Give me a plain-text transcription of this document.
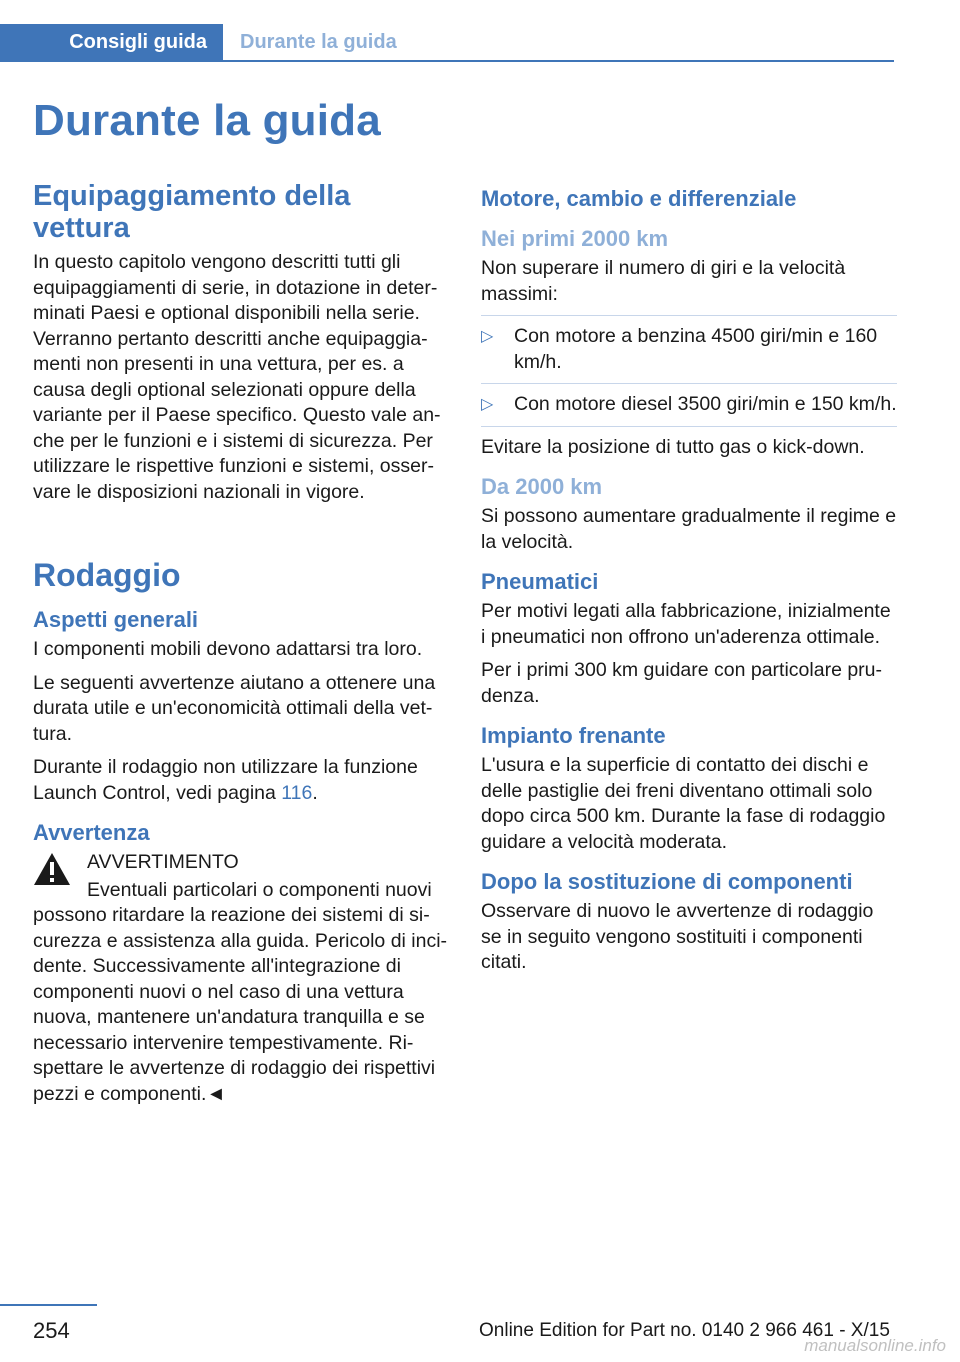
Consigli guida	Durante la guida
Durante la guida
Equipaggiamento della vettura

In questo capitolo vengono descritti tutti gli equipaggiamenti di serie, in dotazione in deter-minati Paesi e optional disponibili nella serie. Verranno pertanto descritti anche equipaggia-menti non presenti in una vettura, per es. a causa degli optional selezionati oppure della variante per il Paese specifico. Questo vale an-che per le funzioni e i sistemi di sicurezza. Per utilizzare le rispettive funzioni e sistemi, osser-vare le disposizioni nazionali in vigore.

Rodaggio
Aspetti generali

I componenti mobili devono adattarsi tra loro.

Le seguenti avvertenze aiutano a ottenere una durata utile e un'economicità ottimali della vet-tura.

Durante il rodaggio non utilizzare la funzione Launch Control, vedi pagina 116.

Avvertenza

AVVERTIMENTO

Eventuali particolari o componenti nuovi

possono ritardare la reazione dei sistemi di si-curezza e assistenza alla guida. Pericolo di inci-dente. Successivamente all'integrazione di componenti nuovi o nel caso di una vettura nuova, mantenere un'andatura tranquilla e se necessario intervenire tempestivamente. Ri-spettare le avvertenze di rodaggio dei rispettivi pezzi e componenti.◄

Motore, cambio e differenziale
Nei primi 2000 km

Non superare il numero di giri e la velocità massimi:

▷ Con motore a benzina 4500 giri/min e 160 km/h.
▷ Con motore diesel 3500 giri/min e 150 km/h.

Evitare la posizione di tutto gas o kick-down.

Da 2000 km

Si possono aumentare gradualmente il regime e la velocità.

Pneumatici

Per motivi legati alla fabbricazione, inizialmente i pneumatici non offrono un'aderenza ottimale.

Per i primi 300 km guidare con particolare pru-denza.

Impianto frenante

L'usura e la superficie di contatto dei dischi e delle pastiglie dei freni diventano ottimali solo dopo circa 500 km. Durante la fase di rodaggio guidare a velocità moderata.

Dopo la sostituzione di componenti

Osservare di nuovo le avvertenze di rodaggio se in seguito vengono sostituiti i componenti citati.

254	Online Edition for Part no. 0140 2 966 461 - X/15
manualsonline.info
